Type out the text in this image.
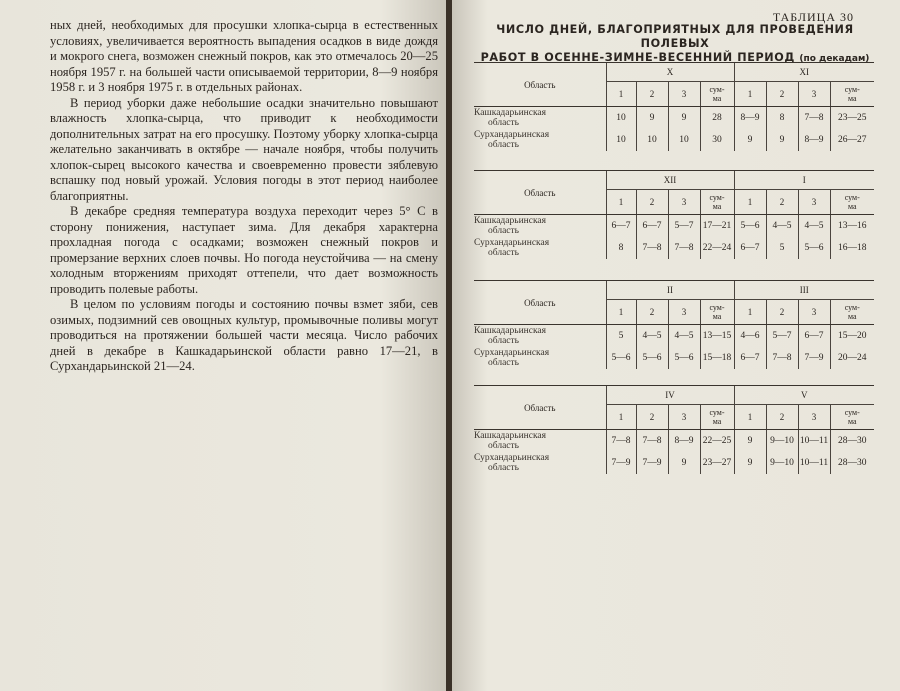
ных дней, необходимых для просушки хлопка-сырца в естественных условиях, увеличивается вероятность выпадения осадков в виде дождя и мокрого снега, возможен снежный покров, как это отмечалось 20—25 ноября 1957 г. на большей части описываемой территории, 8—9 ноября 1958 г. и 3 ноября 1975 г. в отдельных районах.

В период уборки даже небольшие осадки значительно повышают влажность хлопка-сырца, что приводит к необходимости дополнительных затрат на его просушку. Поэтому уборку хлопка-сырца желательно заканчивать в октябре — начале ноября, чтобы получить хлопок-сырец высокого качества и своевременно провести зяблевую вспашку под новый урожай. Условия погоды в этот период наиболее благоприятны.

В декабре средняя температура воздуха переходит через 5° С в сторону понижения, наступает зима. Для декабря характерна прохладная погода с осадками; возможен снежный покров и промерзание верхних слоев почвы. Но погода неустойчива — на смену холодным вторжениям приходят оттепели, что дает возможность проводить полевые работы.

В целом по условиям погоды и состоянию почвы взмет зяби, сев озимых, подзимний сев овощных культур, промывочные поливы могут проводиться на протяжении большей части месяца. Число рабочих дней в декабре в Кашкадарьинской области равно 17—21, в Сурхандарьинской 21—24.

ТАБЛИЦА 30
ЧИСЛО ДНЕЙ, БЛАГОПРИЯТНЫХ ДЛЯ ПРОВЕДЕНИЯ ПОЛЕВЫХ
РАБОТ В ОСЕННЕ-ЗИМНЕ-ВЕСЕННИЙ ПЕРИОД (по декадам)
Область	X				XI			
	1	2	3	сум-
ма	1	2	3	сум-
ма

Кашкадарьинская
область	10	9	9	28	8—9	8	7—8	23—25

Сурхандарьинская
область	10	10	10	30	9	9	8—9	26—27
Область	XII				I			
	1	2	3	сум-
ма	1	2	3	сум-
ма

Кашкадарьинская
область	6—7	6—7	5—7	17—21	5—6	4—5	4—5	13—16

Сурхандарьинская
область	8	7—8	7—8	22—24	6—7	5	5—6	16—18
Область	II				III			
	1	2	3	сум-
ма	1	2	3	сум-
ма

Кашкадарьинская
область	5	4—5	4—5	13—15	4—6	5—7	6—7	15—20

Сурхандарьинская
область	5—6	5—6	5—6	15—18	6—7	7—8	7—9	20—24
Область	IV				V			
	1	2	3	сум-
ма	1	2	3	сум-
ма

Кашкадарьинская
область	7—8	7—8	8—9	22—25	9	9—10	10—11	28—30

Сурхандарьинская
область	7—9	7—9	9	23—27	9	9—10	10—11	28—30
